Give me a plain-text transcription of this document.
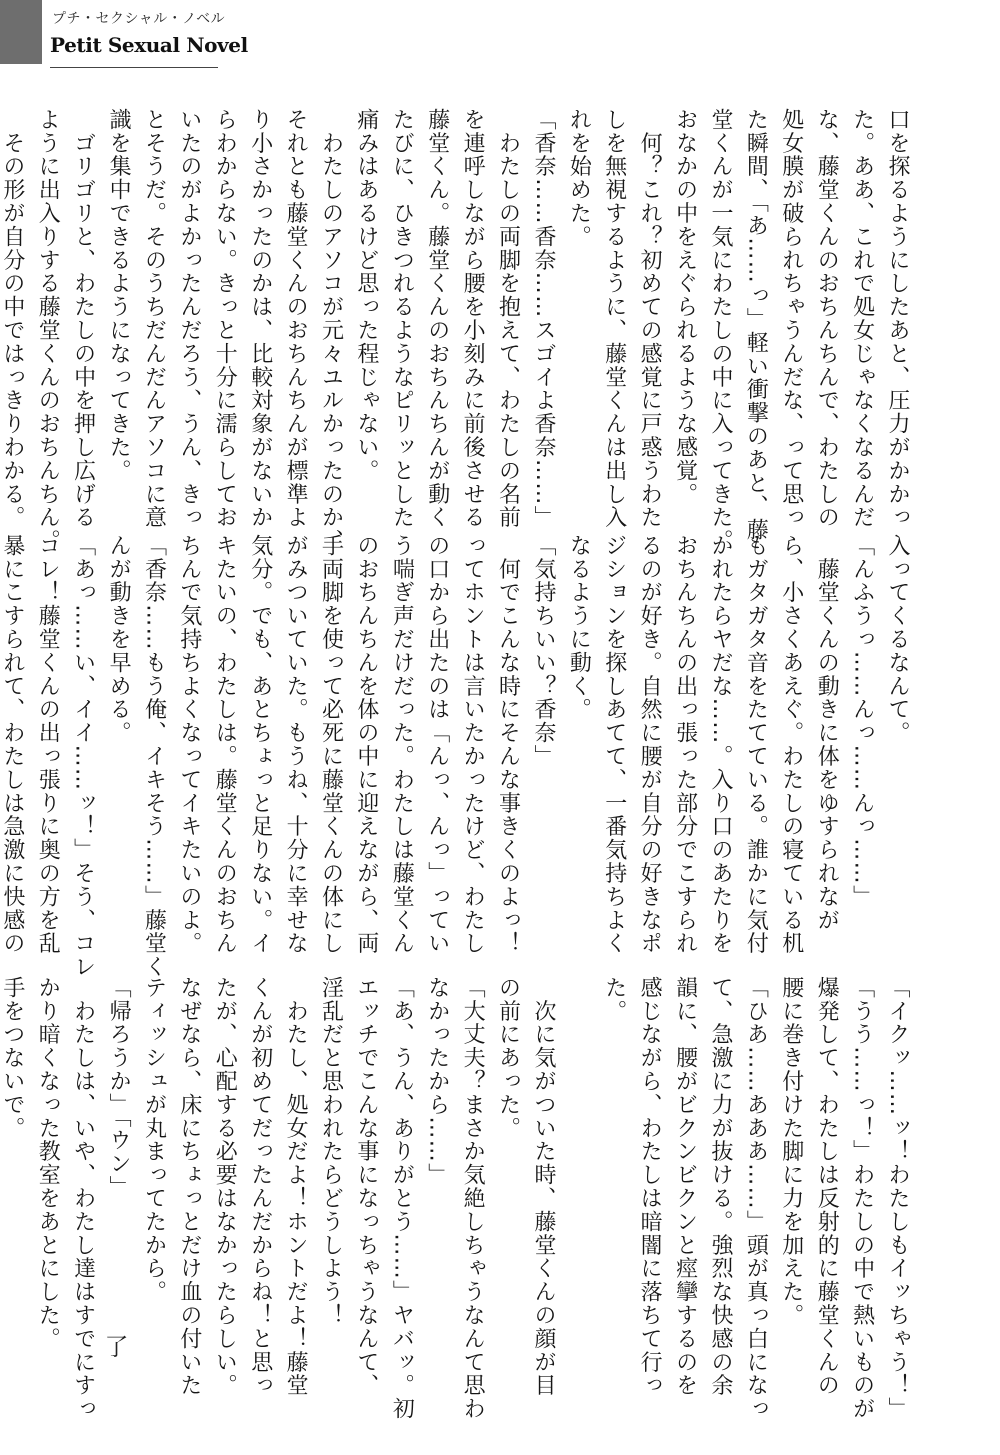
プチ・セクシャル・ノベル
Petit Sexual Novel
口を探るようにしたあと、圧力がかかっ
た。ああ、これで処女じゃなくなるんだ
な、藤堂くんのおちんちんで、わたしの
処女膜が破られちゃうんだな、って思っ
た瞬間、「あ……っ」軽い衝撃のあと、藤
堂くんが一気にわたしの中に入ってきた。
おなかの中をえぐられるような感覚。
　何？これ？初めての感覚に戸惑うわた
しを無視するように、藤堂くんは出し入
れを始めた。
「香奈……香奈……スゴイよ香奈……」
　わたしの両脚を抱えて、わたしの名前
を連呼しながら腰を小刻みに前後させる
藤堂くん。藤堂くんのおちんちんが動く
たびに、ひきつれるようなピリッとした
痛みはあるけど思った程じゃない。
　わたしのアソコが元々ユルかったのか、
それとも藤堂くんのおちんちんが標準よ
り小さかったのかは、比較対象がないか
らわからない。きっと十分に濡らしてお
いたのがよかったんだろう、うん、きっ
とそうだ。そのうちだんだんアソコに意
識を集中できるようになってきた。
　ゴリゴリと、わたしの中を押し広げる
ように出入りする藤堂くんのおちんちん。
　その形が自分の中ではっきりわかる。

入ってくるなんて。
「んふうっ……んっ……んっ……」
　藤堂くんの動きに体をゆすられなが
ら、小さくあえぐ。わたしの寝ている机
もガタガタ音をたてている。誰かに気付
かれたらヤだな……。入り口のあたりを
おちんちんの出っ張った部分でこすられ
るのが好き。自然に腰が自分の好きなポ
ジションを探しあてて、一番気持ちよく
なるように動く。
「気持ちいい？香奈」
　何でこんな時にそんな事きくのよっ！
ってホントは言いたかったけど、わたし
の口から出たのは「んっ、んっ」ってい
う喘ぎ声だけだった。わたしは藤堂くん
のおちんちんを体の中に迎えながら、両
手両脚を使って必死に藤堂くんの体にし
がみついていた。もうね、十分に幸せな
気分。でも、あとちょっと足りない。イ
キたいの、わたしは。藤堂くんのおちん
ちんで気持ちよくなってイキたいのよ。
「香奈……もう俺、イキそう……」藤堂く
んが動きを早める。
「あっ……い、イイ……ッ！」そう、コレ
コレ！藤堂くんの出っ張りに奥の方を乱
暴にこすられて、わたしは急激に快感の

「イクッ……ッ！わたしもイッちゃう！」
「うう……っ！」わたしの中で熱いものが
爆発して、わたしは反射的に藤堂くんの
腰に巻き付けた脚に力を加えた。
「ひあ……あああ……」頭が真っ白になっ
て、急激に力が抜ける。強烈な快感の余
韻に、腰がビクンビクンと痙攣するのを
感じながら、わたしは暗闇に落ちて行っ
た。

　次に気がついた時、藤堂くんの顔が目
の前にあった。
「大丈夫？まさか気絶しちゃうなんて思わ
なかったから……」
「あ、うん、ありがとう……」ヤバッ。初
エッチでこんな事になっちゃうなんて、
淫乱だと思われたらどうしよう！
　わたし、処女だよ！ホントだよ！藤堂
くんが初めてだったんだからね！と思っ
たが、心配する必要はなかったらしい。
なぜなら、床にちょっとだけ血の付いた
ティッシュが丸まってたから。
「帰ろうか」「ウン」
　わたしは、いや、わたし達はすでにすっ
かり暗くなった教室をあとにした。
手をつないで。
了
